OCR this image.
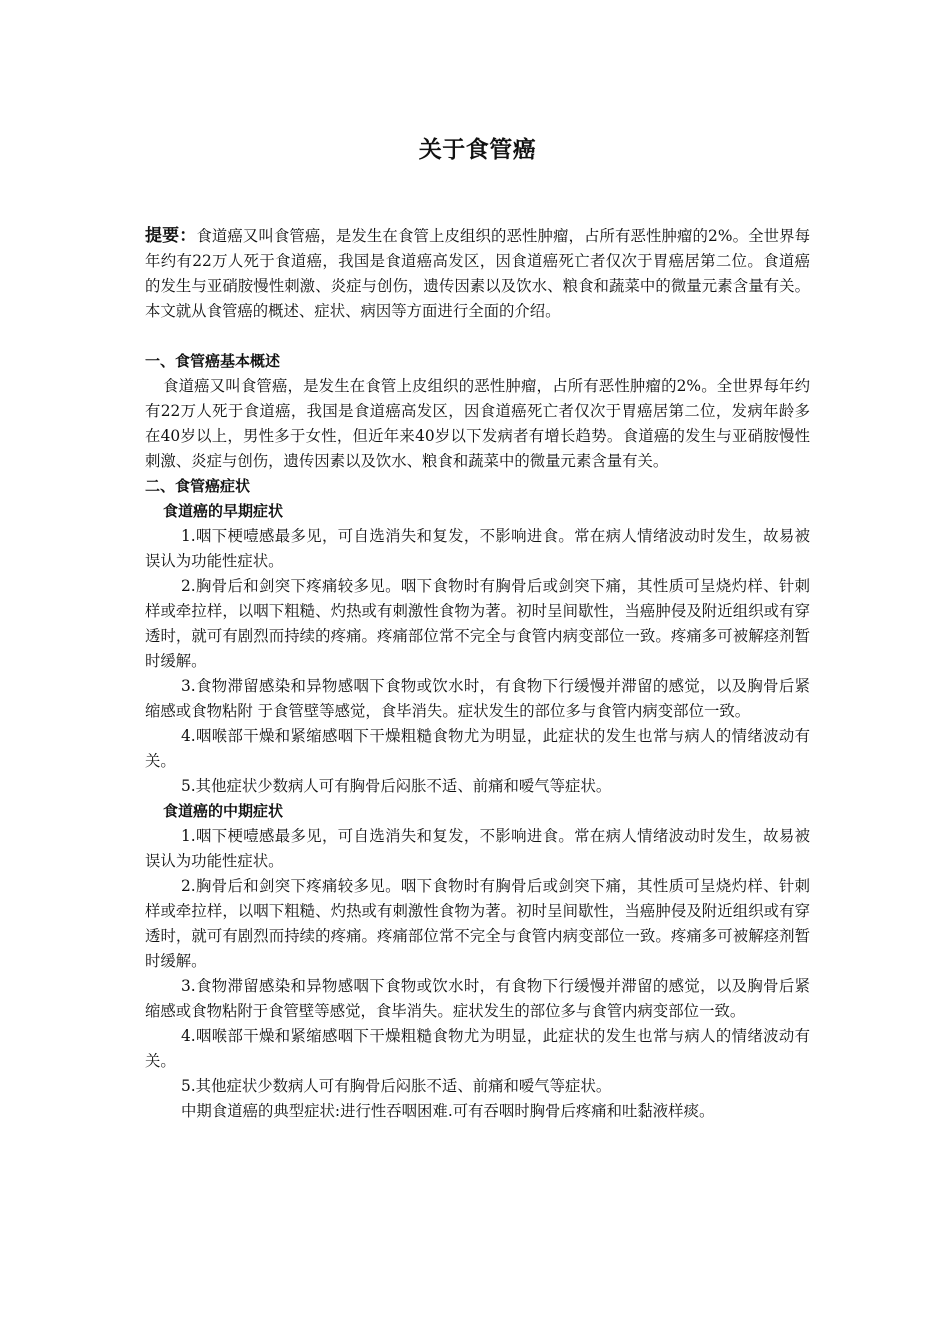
关于食管癌

提要：食道癌又叫食管癌，是发生在食管上皮组织的恶性肿瘤，占所有恶性肿瘤的2%。全世界每年约有22万人死于食道癌，我国是食道癌高发区，因食道癌死亡者仅次于胃癌居第二位。食道癌的发生与亚硝胺慢性刺激、炎症与创伤，遗传因素以及饮水、粮食和蔬菜中的微量元素含量有关。本文就从食管癌的概述、症状、病因等方面进行全面的介绍。

一、食管癌基本概述

食道癌又叫食管癌，是发生在食管上皮组织的恶性肿瘤，占所有恶性肿瘤的2%。全世界每年约有22万人死于食道癌，我国是食道癌高发区，因食道癌死亡者仅次于胃癌居第二位，发病年龄多在40岁以上，男性多于女性，但近年来40岁以下发病者有增长趋势。食道癌的发生与亚硝胺慢性刺激、炎症与创伤，遗传因素以及饮水、粮食和蔬菜中的微量元素含量有关。

二、食管癌症状

食道癌的早期症状

1.咽下梗噎感最多见，可自选消失和复发，不影响进食。常在病人情绪波动时发生，故易被误认为功能性症状。

2.胸骨后和剑突下疼痛较多见。咽下食物时有胸骨后或剑突下痛，其性质可呈烧灼样、针刺样或牵拉样，以咽下粗糙、灼热或有刺激性食物为著。初时呈间歇性，当癌肿侵及附近组织或有穿透时，就可有剧烈而持续的疼痛。疼痛部位常不完全与食管内病变部位一致。疼痛多可被解痉剂暂时缓解。

3.食物滞留感染和异物感咽下食物或饮水时，有食物下行缓慢并滞留的感觉，以及胸骨后紧缩感或食物粘附 于食管壁等感觉，食毕消失。症状发生的部位多与食管内病变部位一致。

4.咽喉部干燥和紧缩感咽下干燥粗糙食物尤为明显，此症状的发生也常与病人的情绪波动有关。

5.其他症状少数病人可有胸骨后闷胀不适、前痛和嗳气等症状。

食道癌的中期症状

1.咽下梗噎感最多见，可自选消失和复发，不影响进食。常在病人情绪波动时发生，故易被误认为功能性症状。

2.胸骨后和剑突下疼痛较多见。咽下食物时有胸骨后或剑突下痛，其性质可呈烧灼样、针刺样或牵拉样，以咽下粗糙、灼热或有刺激性食物为著。初时呈间歇性，当癌肿侵及附近组织或有穿透时，就可有剧烈而持续的疼痛。疼痛部位常不完全与食管内病变部位一致。疼痛多可被解痉剂暂时缓解。

3.食物滞留感染和异物感咽下食物或饮水时，有食物下行缓慢并滞留的感觉，以及胸骨后紧缩感或食物粘附于食管壁等感觉，食毕消失。症状发生的部位多与食管内病变部位一致。

4.咽喉部干燥和紧缩感咽下干燥粗糙食物尤为明显，此症状的发生也常与病人的情绪波动有关。

5.其他症状少数病人可有胸骨后闷胀不适、前痛和嗳气等症状。

中期食道癌的典型症状:进行性吞咽困难.可有吞咽时胸骨后疼痛和吐黏液样痰。
